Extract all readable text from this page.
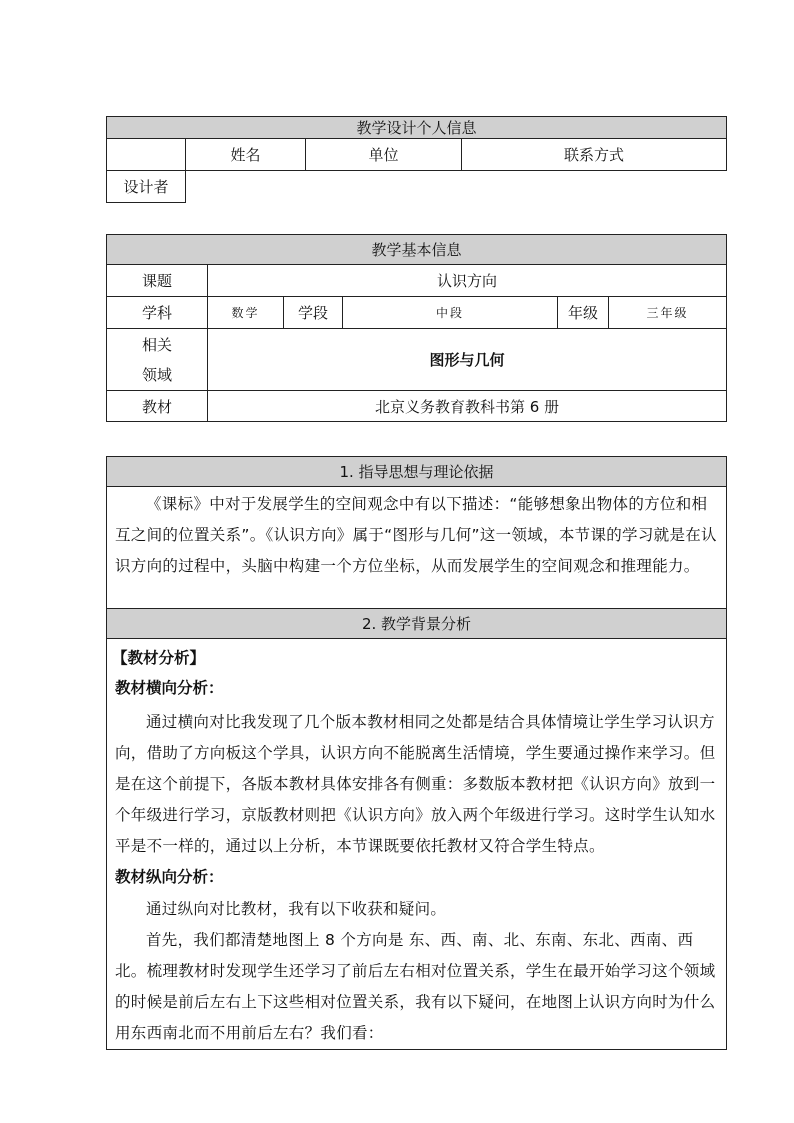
教学设计个人信息			
	姓名	单位	联系方式
设计者			
教学基本信息					
课题	认识方向				
学科	数学	学段	中段	年级	三年级

相关
领域	图形与几何				
教材	北京义务教育教科书第 6 册				
1. 指导思想与理论依据

《课标》中对于发展学生的空间观念中有以下描述：“能够想象出物体的方位和相互之间的位置关系”。《认识方向》属于“图形与几何”这一领域，本节课的学习就是在认识方向的过程中，头脑中构建一个方位坐标，从而发展学生的空间观念和推理能力。

2. 教学背景分析

【教材分析】

教材横向分析：

通过横向对比我发现了几个版本教材相同之处都是结合具体情境让学生学习认识方向，借助了方向板这个学具，认识方向不能脱离生活情境，学生要通过操作来学习。但是在这个前提下，各版本教材具体安排各有侧重：多数版本教材把《认识方向》放到一个年级进行学习，京版教材则把《认识方向》放入两个年级进行学习。这时学生认知水平是不一样的，通过以上分析，本节课既要依托教材又符合学生特点。

教材纵向分析：

通过纵向对比教材，我有以下收获和疑问。

首先，我们都清楚地图上 8 个方向是 东、西、南、北、东南、东北、西南、西北。梳理教材时发现学生还学习了前后左右相对位置关系，学生在最开始学习这个领域的时候是前后左右上下这些相对位置关系，我有以下疑问，在地图上认识方向时为什么用东西南北而不用前后左右？我们看：
